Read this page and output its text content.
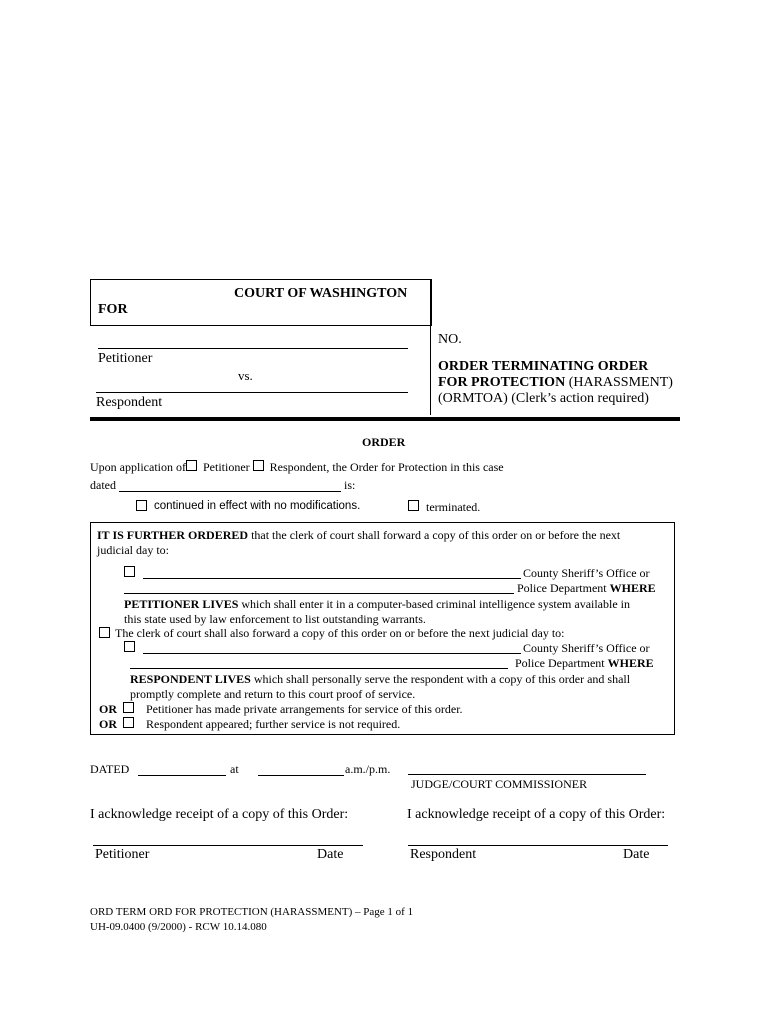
COURT OF WASHINGTON
FOR
Petitioner
vs.
Respondent
NO.
ORDER TERMINATING ORDER
FOR PROTECTION (HARASSMENT)
(ORMTOA) (Clerk’s action required)
ORDER
Upon application of Petitioner Respondent, the Order for Protection in this case
dated	is:
continued in effect with no modifications.	terminated.
IT IS FURTHER ORDERED that the clerk of court shall forward a copy of this order on or before the next
judicial day to:
County Sheriff’s Office or
Police Department WHERE
PETITIONER LIVES which shall enter it in a computer-based criminal intelligence system available in
this state used by law enforcement to list outstanding warrants.
The clerk of court shall also forward a copy of this order on or before the next judicial day to:
County Sheriff’s Office or
Police Department WHERE
RESPONDENT LIVES which shall personally serve the respondent with a copy of this order and shall
promptly complete and return to this court proof of service.
OR Petitioner has made private arrangements for service of this order.
OR Respondent appeared; further service is not required.
DATED	at	a.m./p.m.
JUDGE/COURT COMMISSIONER
I acknowledge receipt of a copy of this Order:	I acknowledge receipt of a copy of this Order:
Petitioner	Date	Respondent	Date
ORD TERM ORD FOR PROTECTION (HARASSMENT) – Page 1 of 1
UH-09.0400 (9/2000) - RCW 10.14.080
